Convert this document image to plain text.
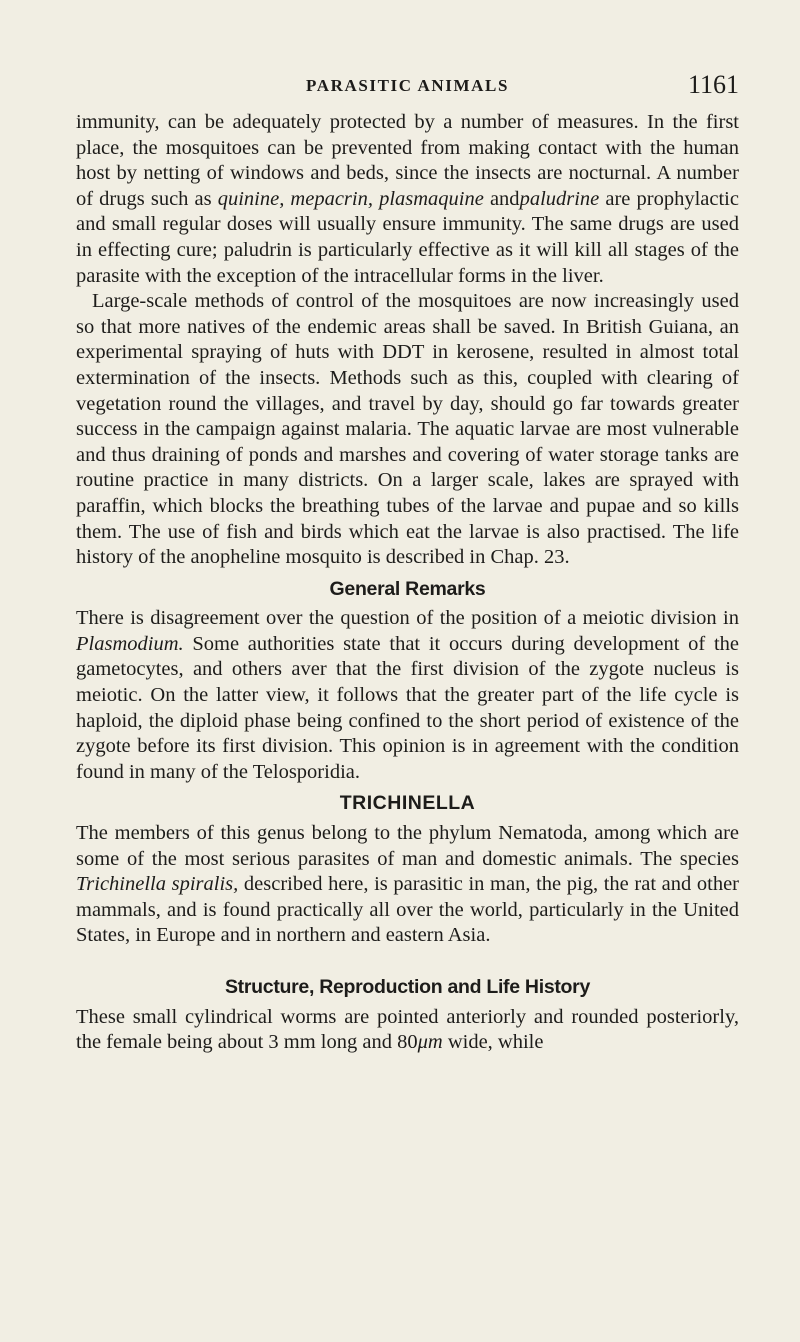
PARASITIC ANIMALS	1161

immunity, can be adequately protected by a number of measures. In the first place, the mosquitoes can be prevented from making contact with the human host by netting of windows and beds, since the insects are nocturnal. A number of drugs such as quinine, mepacrin, plasmaquine andpaludrine are prophylactic and small regular doses will usually ensure immunity. The same drugs are used in effecting cure; paludrin is particularly effective as it will kill all stages of the parasite with the exception of the intracellular forms in the liver.

Large-scale methods of control of the mosquitoes are now increasingly used so that more natives of the endemic areas shall be saved. In British Guiana, an experimental spraying of huts with DDT in kerosene, resulted in almost total extermination of the insects. Methods such as this, coupled with clearing of vegetation round the villages, and travel by day, should go far towards greater success in the campaign against malaria. The aquatic larvae are most vulnerable and thus draining of ponds and marshes and covering of water storage tanks are routine practice in many districts. On a larger scale, lakes are sprayed with paraffin, which blocks the breathing tubes of the larvae and pupae and so kills them. The use of fish and birds which eat the larvae is also practised. The life history of the anopheline mosquito is described in Chap. 23.

General Remarks

There is disagreement over the question of the position of a meiotic division in Plasmodium. Some authorities state that it occurs during development of the gametocytes, and others aver that the first division of the zygote nucleus is meiotic. On the latter view, it follows that the greater part of the life cycle is haploid, the diploid phase being confined to the short period of existence of the zygote before its first division. This opinion is in agreement with the condition found in many of the Telosporidia.

TRICHINELLA

The members of this genus belong to the phylum Nematoda, among which are some of the most serious parasites of man and domestic animals. The species Trichinella spiralis, described here, is parasitic in man, the pig, the rat and other mammals, and is found practically all over the world, particularly in the United States, in Europe and in northern and eastern Asia.

Structure, Reproduction and Life History

These small cylindrical worms are pointed anteriorly and rounded posteriorly, the female being about 3 mm long and 80μm wide, while
